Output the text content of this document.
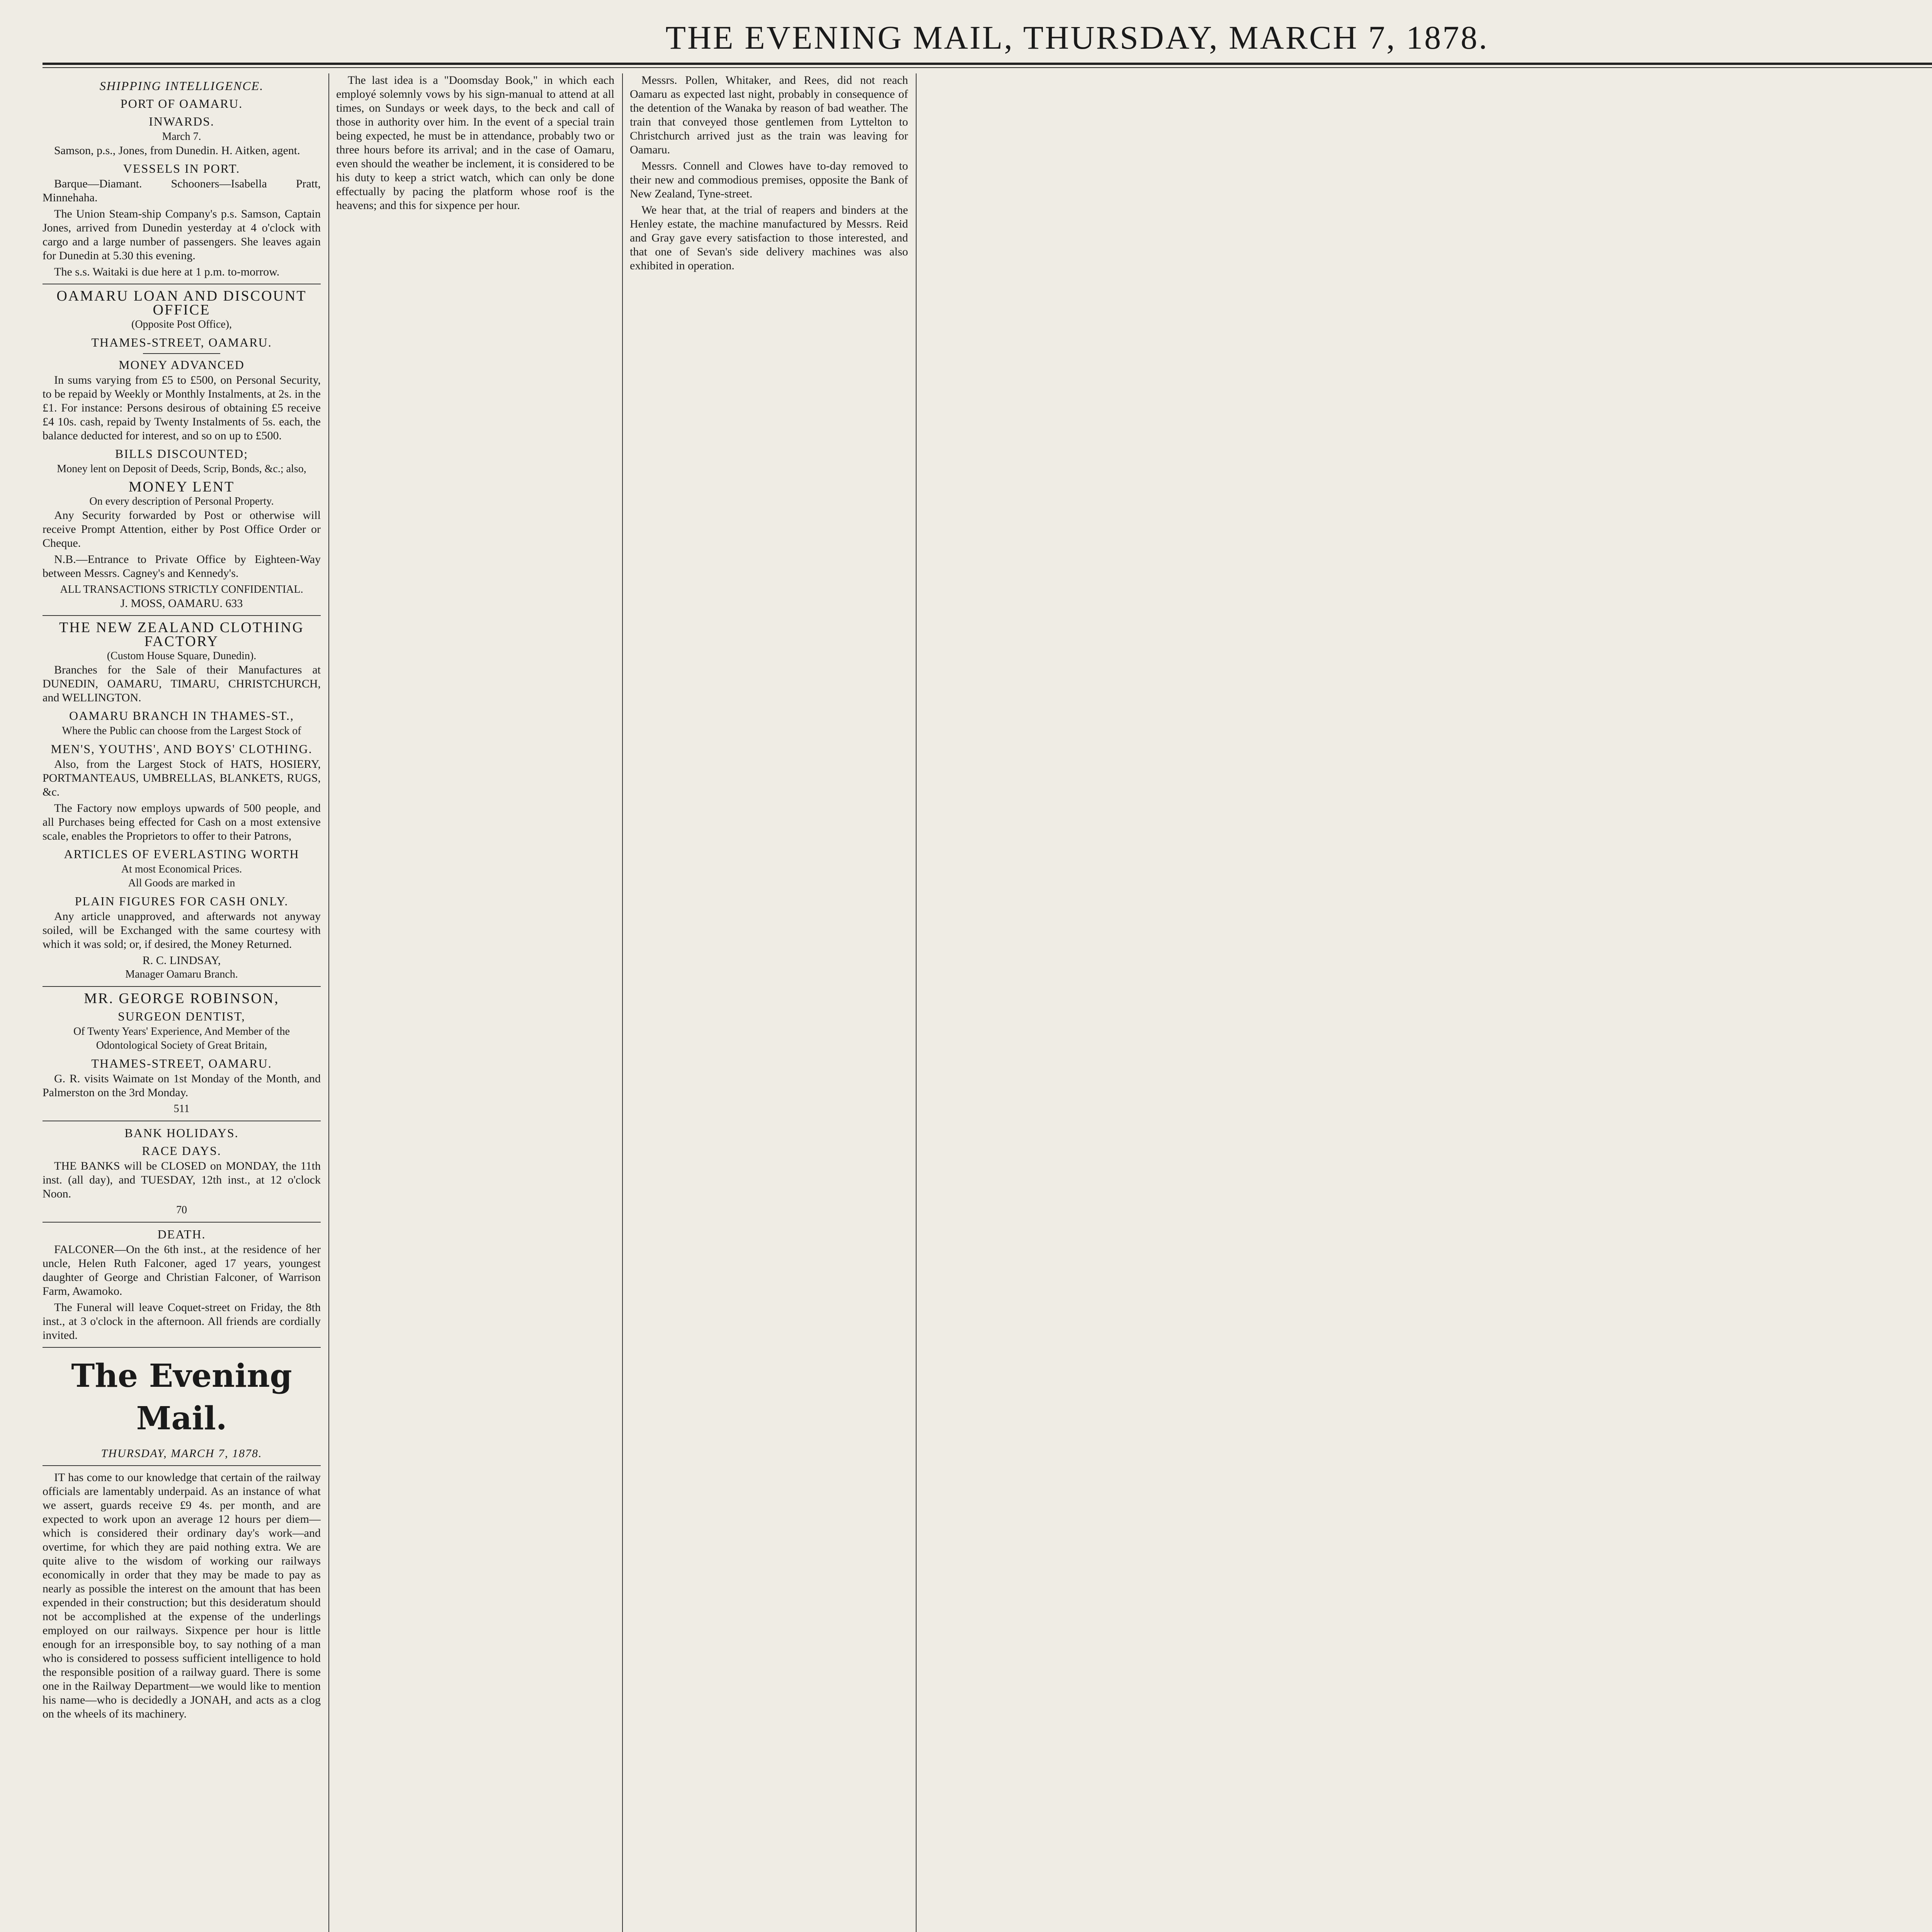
THE EVENING MAIL, THURSDAY, MARCH 7, 1878.
SHIPPING INTELLIGENCE.
PORT OF OAMARU.
INWARDS.
March 7.

Samson, p.s., Jones, from Dunedin. H. Aitken, agent.

VESSELS IN PORT.

Barque—Diamant. Schooners—Isabella Pratt, Minnehaha.

The Union Steam-ship Company's p.s. Samson, Captain Jones, arrived from Dunedin yesterday at 4 o'clock with cargo and a large number of passengers. She leaves again for Dunedin at 5.30 this evening.

The s.s. Waitaki is due here at 1 p.m. to-morrow.

OAMARU LOAN AND DISCOUNT OFFICE
(Opposite Post Office),
THAMES-STREET, OAMARU.
MONEY ADVANCED

In sums varying from £5 to £500, on Personal Security, to be repaid by Weekly or Monthly Instalments, at 2s. in the £1. For instance: Persons desirous of obtaining £5 receive £4 10s. cash, repaid by Twenty Instalments of 5s. each, the balance deducted for interest, and so on up to £500.

BILLS DISCOUNTED;
Money lent on Deposit of Deeds, Scrip, Bonds, &c.; also,
MONEY LENT
On every description of Personal Property.

Any Security forwarded by Post or otherwise will receive Prompt Attention, either by Post Office Order or Cheque.

N.B.—Entrance to Private Office by Eighteen-Way between Messrs. Cagney's and Kennedy's.

ALL TRANSACTIONS STRICTLY CONFIDENTIAL.
J. MOSS, OAMARU. 633
THE NEW ZEALAND CLOTHING FACTORY
(Custom House Square, Dunedin).

Branches for the Sale of their Manufactures at DUNEDIN, OAMARU, TIMARU, CHRISTCHURCH, and WELLINGTON.

OAMARU BRANCH IN THAMES-ST.,
Where the Public can choose from the Largest Stock of
MEN'S, YOUTHS', AND BOYS' CLOTHING.

Also, from the Largest Stock of HATS, HOSIERY, PORTMANTEAUS, UMBRELLAS, BLANKETS, RUGS, &c.

The Factory now employs upwards of 500 people, and all Purchases being effected for Cash on a most extensive scale, enables the Proprietors to offer to their Patrons,

ARTICLES OF EVERLASTING WORTH
At most Economical Prices.
All Goods are marked in
PLAIN FIGURES FOR CASH ONLY.

Any article unapproved, and afterwards not anyway soiled, will be Exchanged with the same courtesy with which it was sold; or, if desired, the Money Returned.

R. C. LINDSAY,
Manager Oamaru Branch.
MR. GEORGE ROBINSON,
SURGEON DENTIST,
Of Twenty Years' Experience, And Member of the Odontological Society of Great Britain,
THAMES-STREET, OAMARU.

G. R. visits Waimate on 1st Monday of the Month, and Palmerston on the 3rd Monday.

511
BANK HOLIDAYS.
RACE DAYS.

THE BANKS will be CLOSED on MONDAY, the 11th inst. (all day), and TUESDAY, 12th inst., at 12 o'clock Noon.

70
DEATH.

FALCONER—On the 6th inst., at the residence of her uncle, Helen Ruth Falconer, aged 17 years, youngest daughter of George and Christian Falconer, of Warrison Farm, Awamoko.

The Funeral will leave Coquet-street on Friday, the 8th inst., at 3 o'clock in the afternoon. All friends are cordially invited.

The Evening Mail.
THURSDAY, MARCH 7, 1878.

IT has come to our knowledge that certain of the railway officials are lamentably underpaid. As an instance of what we assert, guards receive £9 4s. per month, and are expected to work upon an average 12 hours per diem—which is considered their ordinary day's work—and overtime, for which they are paid nothing extra. We are quite alive to the wisdom of working our railways economically in order that they may be made to pay as nearly as possible the interest on the amount that has been expended in their construction; but this desideratum should not be accomplished at the expense of the underlings employed on our railways. Sixpence per hour is little enough for an irresponsible boy, to say nothing of a man who is considered to possess sufficient intelligence to hold the responsible position of a railway guard. There is some one in the Railway Department—we would like to mention his name—who is decidedly a JONAH, and acts as a clog on the wheels of its machinery.

The last idea is a "Doomsday Book," in which each employé solemnly vows by his sign-manual to attend at all times, on Sundays or week days, to the beck and call of those in authority over him. In the event of a special train being expected, he must be in attendance, probably two or three hours before its arrival; and in the case of Oamaru, even should the weather be inclement, it is considered to be his duty to keep a strict watch, which can only be done effectually by pacing the platform whose roof is the heavens; and this for sixpence per hour.

Messrs. Pollen, Whitaker, and Rees, did not reach Oamaru as expected last night, probably in consequence of the detention of the Wanaka by reason of bad weather. The train that conveyed those gentlemen from Lyttelton to Christchurch arrived just as the train was leaving for Oamaru.

Messrs. Connell and Clowes have to-day removed to their new and commodious premises, opposite the Bank of New Zealand, Tyne-street.

We hear that, at the trial of reapers and binders at the Henley estate, the machine manufactured by Messrs. Reid and Gray gave every satisfaction to those interested, and that one of Sevan's side delivery machines was also exhibited in operation.
